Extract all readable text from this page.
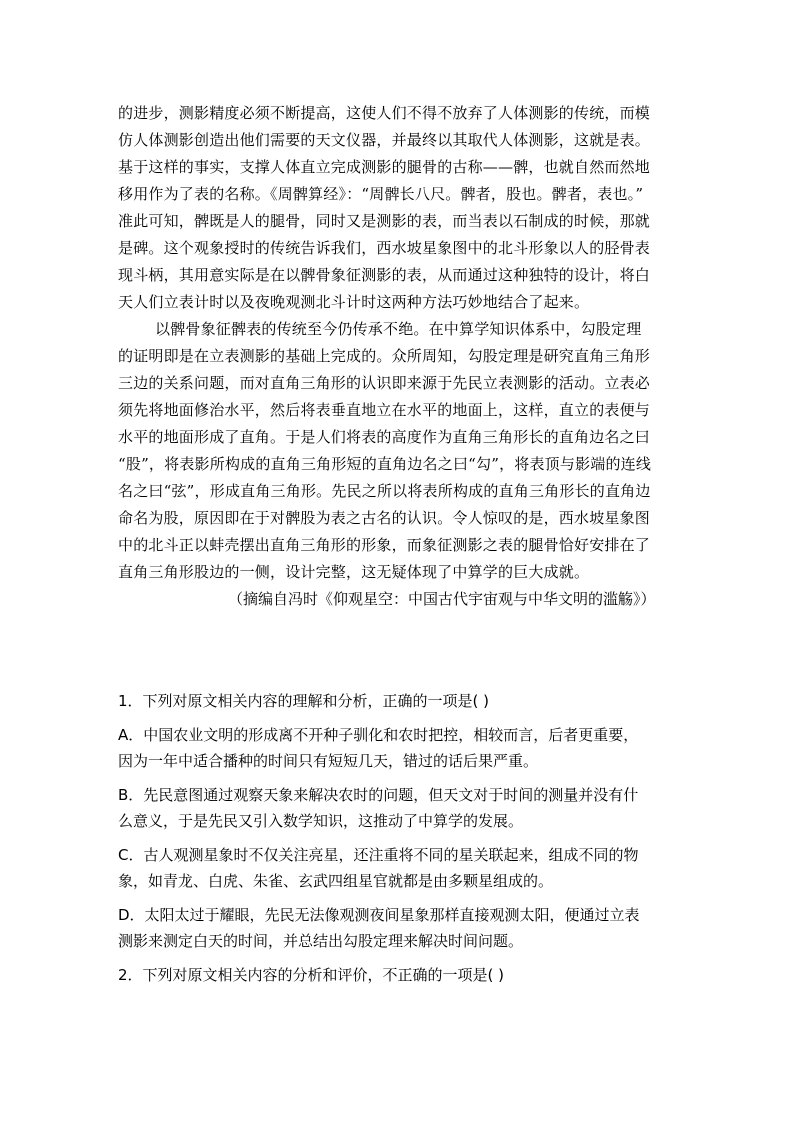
的进步，测影精度必须不断提高，这使人们不得不放弃了人体测影的传统，而模

仿人体测影创造出他们需要的天文仪器，并最终以其取代人体测影，这就是表。

基于这样的事实，支撑人体直立完成测影的腿骨的古称——髀，也就自然而然地

移用作为了表的名称。《周髀算经》：“周髀长八尺。髀者，股也。髀者，表也。”

准此可知，髀既是人的腿骨，同时又是测影的表，而当表以石制成的时候，那就

是碑。这个观象授时的传统告诉我们，西水坡星象图中的北斗形象以人的胫骨表

现斗柄，其用意实际是在以髀骨象征测影的表，从而通过这种独特的设计，将白

天人们立表计时以及夜晚观测北斗计时这两种方法巧妙地结合了起来。

以髀骨象征髀表的传统至今仍传承不绝。在中算学知识体系中，勾股定理

的证明即是在立表测影的基础上完成的。众所周知，勾股定理是研究直角三角形

三边的关系问题，而对直角三角形的认识即来源于先民立表测影的活动。立表必

须先将地面修治水平，然后将表垂直地立在水平的地面上，这样，直立的表便与

水平的地面形成了直角。于是人们将表的高度作为直角三角形长的直角边名之曰

“股”，将表影所构成的直角三角形短的直角边名之曰“勾”，将表顶与影端的连线

名之曰“弦”，形成直角三角形。先民之所以将表所构成的直角三角形长的直角边

命名为股，原因即在于对髀股为表之古名的认识。令人惊叹的是，西水坡星象图

中的北斗正以蚌壳摆出直角三角形的形象，而象征测影之表的腿骨恰好安排在了

直角三角形股边的一侧，设计完整，这无疑体现了中算学的巨大成就。

（摘编自冯时《仰观星空：中国古代宇宙观与中华文明的滥觞》）

1．下列对原文相关内容的理解和分析，正确的一项是( )

A．中国农业文明的形成离不开种子驯化和农时把控，相较而言，后者更重要，

因为一年中适合播种的时间只有短短几天，错过的话后果严重。

B．先民意图通过观察天象来解决农时的问题，但天文对于时间的测量并没有什

么意义，于是先民又引入数学知识，这推动了中算学的发展。

C．古人观测星象时不仅关注亮星，还注重将不同的星关联起来，组成不同的物

象，如青龙、白虎、朱雀、玄武四组星官就都是由多颗星组成的。

D．太阳太过于耀眼，先民无法像观测夜间星象那样直接观测太阳，便通过立表

测影来测定白天的时间，并总结出勾股定理来解决时间问题。

2．下列对原文相关内容的分析和评价，不正确的一项是( )
